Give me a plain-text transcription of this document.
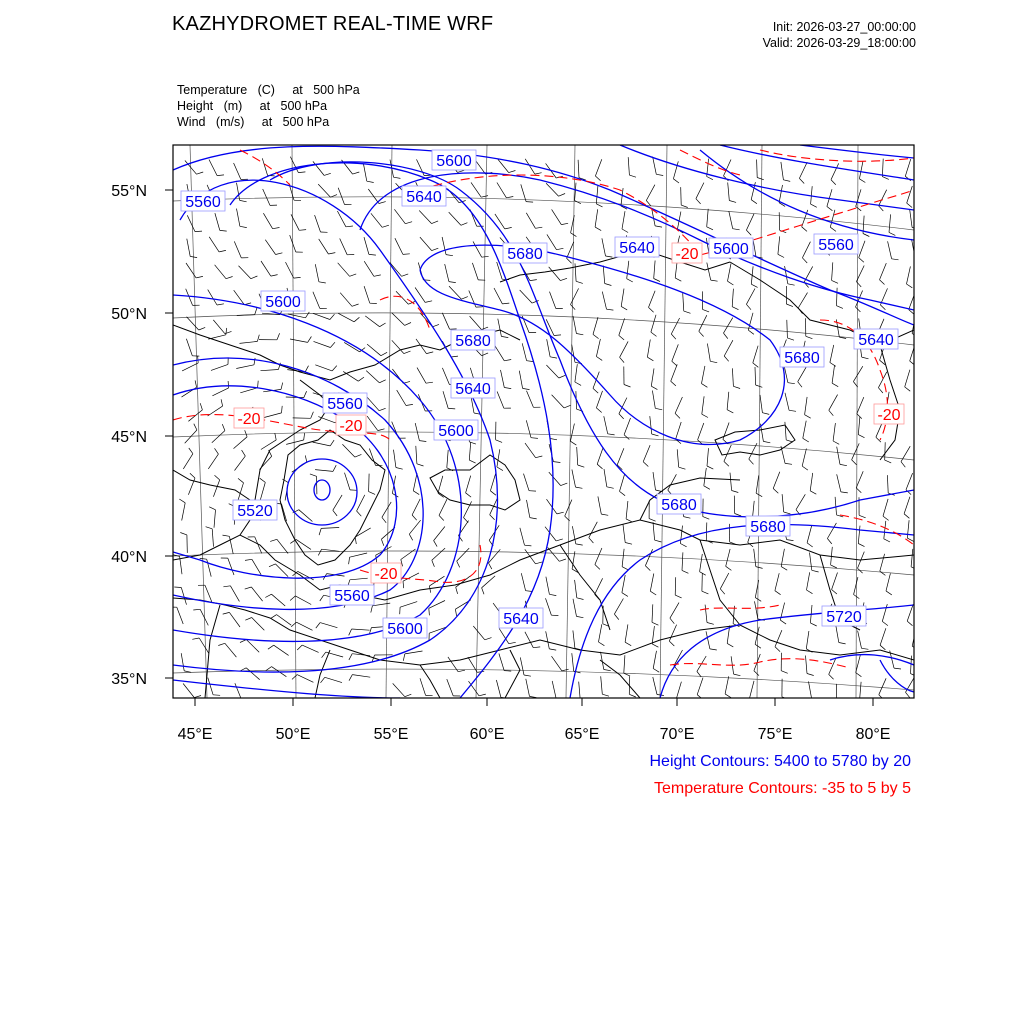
KAZHYDROMET REAL-TIME WRF	Init: 2026-03-27_00:00:00
Valid: 2026-03-29_18:00:00
Temperature (C)     at   500 hPa
Height (m)     at   500 hPa
Wind (m/s)     at   500 hPa
5600
5640
5560
5680	5640	5600	5560
5600
5680
5640
5680
5640
5560
5600
5520	5680
5680
5560
5600
5640	5720
-20	-20
-20
-20
-20
55°N
50°N
45°N
40°N
35°N
45°E	50°E	55°E	60°E	65°E	70°E	75°E	80°E
Height Contours: 5400 to 5780 by 20
Temperature Contours: -35 to 5 by 5
